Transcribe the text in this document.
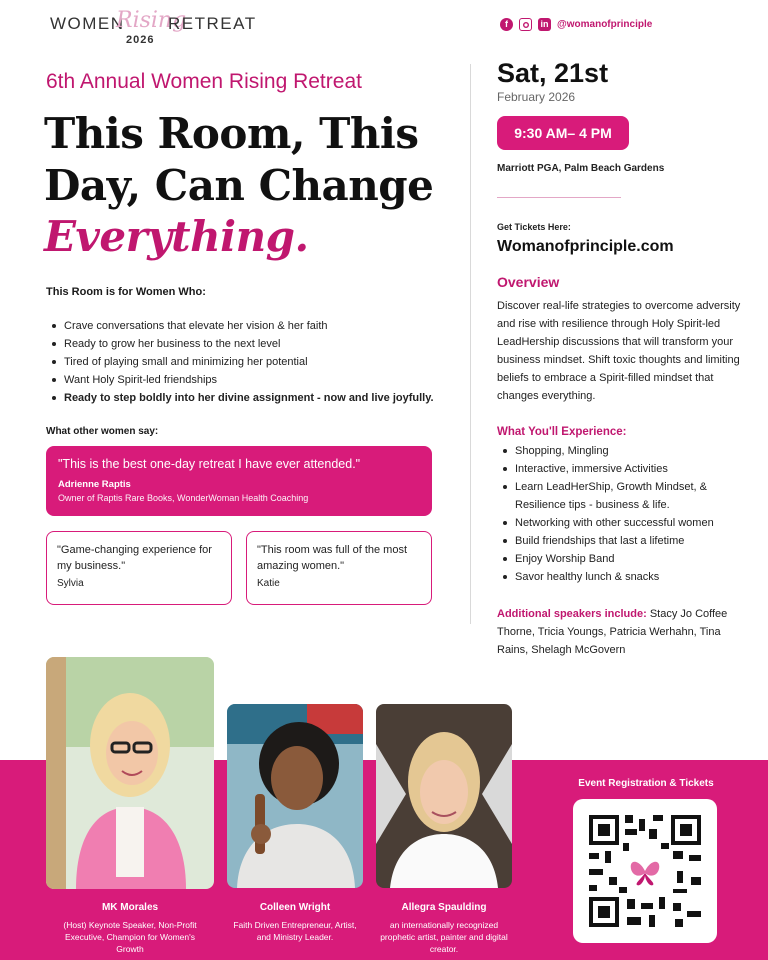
WOMEN
Rising
RETREAT
2026
f	in @womanofprinciple
6th Annual Women Rising Retreat
This Room, This
Day, Can Change
Everything.
This Room is for Women Who:
Crave conversations that elevate her vision & her faith
Ready to grow her business to the next level
Tired of playing small and minimizing her potential
Want Holy Spirit-led friendships
Ready to step boldly into her divine assignment - now and live joyfully.
What other women say:
"This is the best one-day retreat I have ever attended."
Adrienne Raptis
Owner of Raptis Rare Books, WonderWoman Health Coaching
"Game-changing experience for my business."
Sylvia
"This room was full of the most amazing women."
Katie
Sat, 21st
February 2026
9:30 AM– 4 PM
Marriott PGA, Palm Beach Gardens
Get Tickets Here:
Womanofprinciple.com
Overview
Discover real-life strategies to overcome adversity and rise with resilience through Holy Spirit-led LeadHership discussions that will transform your business mindset. Shift toxic thoughts and limiting beliefs to embrace a Spirit-filled mindset that changes everything.
What You'll Experience:
Shopping, Mingling
Interactive, immersive Activities
Learn LeadHerShip, Growth Mindset, & Resilience tips - business & life.
Networking with other successful women
Build friendships that last a lifetime
Enjoy Worship Band
Savor healthy lunch & snacks
Additional speakers include: Stacy Jo Coffee Thorne, Tricia Youngs, Patricia Werhahn, Tina Rains, Shelagh McGovern
MK Morales
(Host) Keynote Speaker, Non-Profit Executive, Champion for Women's Growth
Colleen Wright
Faith Driven Entrepreneur, Artist, and Ministry Leader.
Allegra Spaulding
an internationally recognized prophetic artist, painter and digital creator.
Event Registration & Tickets
